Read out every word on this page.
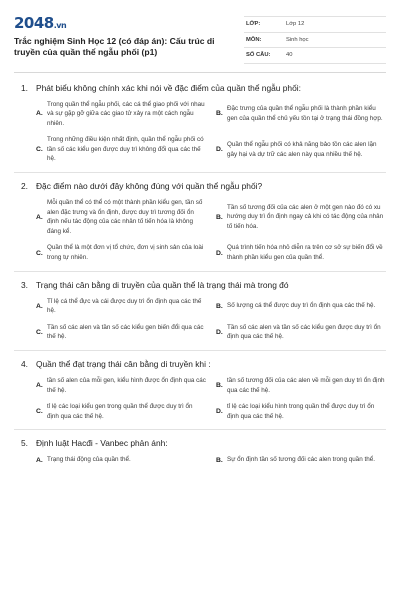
2048.vn
Trắc nghiệm Sinh Học 12 (có đáp án): Cấu trúc di truyền của quần thể ngẫu phối (p1)
LỚP:	Lớp 12
MÔN:	Sinh học
SỐ CÂU:	40
1. Phát biểu không chính xác khi nói về đặc điểm của quần thể ngẫu phối:
A.
Trong quần thể ngẫu phối, các cá thể giao phối với nhau và sự gặp gỡ giữa các giao tử xảy ra một cách ngẫu nhiên.
B.
Đặc trưng của quần thể ngẫu phối là thành phần kiểu gen của quần thể chủ yếu tồn tại ở trạng thái đồng hợp.
C.
Trong những điều kiện nhất định, quần thể ngẫu phối có tần số các kiểu gen được duy trì không đổi qua các thế hệ.
D.
Quần thể ngẫu phối có khả năng bảo tồn các alen lặn gây hại và dự trữ các alen này qua nhiều thế hệ.
2. Đặc điểm nào dưới đây không đúng với quần thể ngẫu phối?
A.
Mỗi quần thể có thể có một thành phần kiểu gen, tần số alen đặc trưng và ổn định, được duy trì tương đối ổn định nếu tác động của các nhân tố tiến hóa là không đáng kể.
B.
Tần số tương đối của các alen ở một gen nào đó có xu hướng duy trì ổn định ngay cả khi có tác động của nhân tố tiến hóa.
C.
Quần thể là một đơn vị tổ chức, đơn vị sinh sản của loài trong tự nhiên.
D.
Quá trình tiến hóa nhỏ diễn ra trên cơ sở sự biến đổi về thành phần kiểu gen của quần thể.
3. Trạng thái cân bằng di truyền của quần thể là trạng thái mà trong đó
A.
Tỉ lệ cá thể đực và cái được duy trì ổn định qua các thế hệ.
B. Số lượng cá thể được duy trì ổn định qua các thế hệ.
C.
Tần số các alen và tần số các kiểu gen biến đổi qua các thế hệ.
D.
Tần số các alen và tần số các kiểu gen được duy trì ổn định qua các thế hệ.
4. Quần thể đạt trạng thái cân bằng di truyền khi :
A.
tần số alen của mỗi gen, kiểu hình được ổn định qua các thế hệ.
B.
tần số tương đối của các alen về mỗi gen duy trì ổn định qua các thế hệ.
C.
tỉ lệ các loại kiểu gen trong quần thể được duy trì ổn định qua các thế hệ.
D.
tỉ lệ các loại kiểu hình trong quần thể được duy trì ổn định qua các thế hệ.
5. Định luật Hacđi - Vanbec phản ánh:
A. Trạng thái động của quần thể.	B. Sự ổn định tần số tương đối các alen trong quần thể.
